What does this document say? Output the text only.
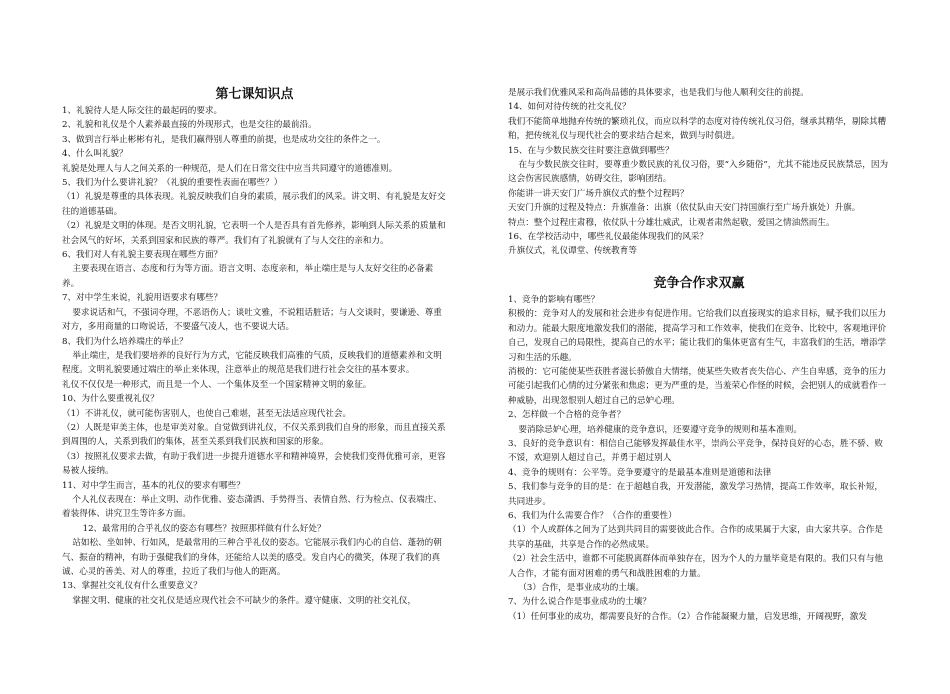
第七课知识点

1、礼貌待人是人际交往的最起码的要求。

2、礼貌和礼仪是个人素养最直接的外现形式，也是交往的最前沿。

3、做到言行举止彬彬有礼，是我们赢得别人尊重的前提，也是成功交往的条件之一。

4、什么叫礼貌？

礼貌是处理人与人之间关系的一种规范，是人们在日常交往中应当共同遵守的道德准则。

5、我们为什么要讲礼貌？（礼貌的重要性表面在哪些？）

（1）礼貌是尊重的具体表现。礼貌反映我们自身的素质，展示我们的风采。讲文明、有礼貌是友好交往的道德基础。

（2）礼貌是文明的体现。是否文明礼貌，它表明一个人是否具有首先修养，影响到人际关系的质量和社会风气的好坏，关系到国家和民族的尊严。我们有了礼貌就有了与人交往的亲和力。

6、我们对人有礼貌主要表现在哪些方面？

主要表现在语言、态度和行为等方面。语言文明、态度亲和，举止端庄是与人友好交往的必备素养。

7、对中学生来说，礼貌用语要求有哪些？

要求说话和气，不强词夺理，不恶语伤人；谈吐文雅，不说粗话脏话；与人交谈时，要谦逊、尊重对方，多用商量的口吻说话，不要盛气凌人，也不要说大话。

8、我们为什么培养端庄的举止？

举止端庄，是我们要培养的良好行为方式，它能反映我们高雅的气质，反映我们的道德素养和文明程度。文明礼貌要通过端庄的举止来体现，注意举止的规范是我们进行社会交往的基本要求。

礼仪不仅仅是一种形式，而且是一个人、一个集体及至一个国家精神文明的象征。

10、为什么要重视礼仪？

（1）不讲礼仪，就可能伤害别人，也使自己难堪，甚至无法适应现代社会。

（2）人既是审美主体，也是审美对象。自觉做到讲礼仪，不仅关系到我们自身的形象，而且直接关系到周围的人，关系到我们的集体，甚至关系到我们民族和国家的形象。

（3）按照礼仪要求去做，有助于我们进一步提升道德水平和精神境界，会使我们变得优雅可亲，更容易被人接纳。

11、对中学生而言，基本的礼仪的要求有哪些？

个人礼仪表现在：举止文明、动作优雅、姿态潇洒、手势得当、表情自然、行为检点、仪表端庄、着装得体、讲究卫生等许多方面。

12、最常用的合乎礼仪的姿态有哪些？按照那样做有什么好处？

站如松、坐如钟、行如风，是最常用的三种合乎礼仪的姿态。它能展示我们内心的自信、蓬勃的朝气、振奋的精神，有助于强健我们的身体，还能给人以美的感受。发自内心的微笑，体现了我们的真诚、心灵的善美、对人的尊重，拉近了我们与他人的距离。

13、掌握社交礼仪有什么重要意义？

掌握文明、健康的社交礼仪是适应现代社会不可缺少的条件。遵守健康、文明的社交礼仪，

是展示我们优雅风采和高尚品德的具体要求，也是我们与他人顺利交往的前提。

14、如何对待传统的社交礼仪？

我们不能简单地抛弃传统的繁琐礼仪，而应以科学的态度对待传统礼仪习俗，继承其精华，剔除其糟粕，把传统礼仪与现代社会的要求结合起来，做到与时俱进。

15、在与少数民族交往时要注意做到哪些？

在与少数民族交往时，要尊重少数民族的礼仪习俗，要“入乡随俗”，尤其不能违反民族禁忌，因为这会伤害民族感情，妨碍交往，影响团结。

你能讲一讲天安门广场升旗仪式的整个过程吗？

天安门升旗的过程及特点：升旗准备：出旗（依仗队由天安门持国旗行至广场升旗处）升旗。

特点：整个过程庄肃穆，依仗队十分雄壮威武，让观者肃然起敬，爱国之情油然而生。

16、在学校活动中，哪些礼仪最能体现我们的风采？

升旗仪式，礼仪谭堂、传统教育等

竞争合作求双赢

1、竞争的影响有哪些？

积极的：竞争对人的发展和社会进步有促进作用。它给我们以直接现实的追求目标，赋予我们以压力和动力。能最大限度地激发我们的潜能，提高学习和工作效率，使我们在竞争、比较中，客观地评价自己，发现自己的局限性，提高自己的水平；能让我们的集体更富有生气，丰富我们的生活，增添学习和生活的乐趣。

消极的：它可能使某些获胜者滋长骄傲自大情绪，使某些失败者丧失信心、产生自卑感，竞争的压力可能引起我们心情的过分紧张和焦虑；更为严重的是，当羞荣心作怪的时候，会把别人的成就看作一种威胁，出现忽恨别人超过自己的忌妒心理。

2、怎样做一个合格的竞争者？

要消除忌妒心理，培养健康的竞争意识，还要遵守竞争的规则和基本准则。

3、良好的竞争意识有：相信自己能够发挥最佳水平，崇尚公平竞争，保持良好的心态，胜不骄、败不馁，欢迎别人超过自己，并勇于超过别人

4、竞争的规则有：公平等。竞争要遵守的是最基本准则是道德和法律

5、我们参与竞争的目的是：在于超越自我，开发潜能，激发学习热情，提高工作效率，取长补短，共同进步。

6、我们为什么需要合作？（合作的重要性）

（1）个人或群体之间为了达到共同目的需要彼此合作。合作的成果属于大家，由大家共享。合作是共享的基础，共享是合作的必然成果。

（2）社会生活中，谁都不可能脱离群体而单独存在，因为个人的力量毕竟是有限的。我们只有与他人合作，才能有面对困难的勇气和战胜困难的力量。

（3）合作，是事业成功的土壤。

7、为什么说合作是事业成功的土壤？

（1）任何事业的成功，都需要良好的合作。（2）合作能凝聚力量，启发思维，开阔视野，激发
